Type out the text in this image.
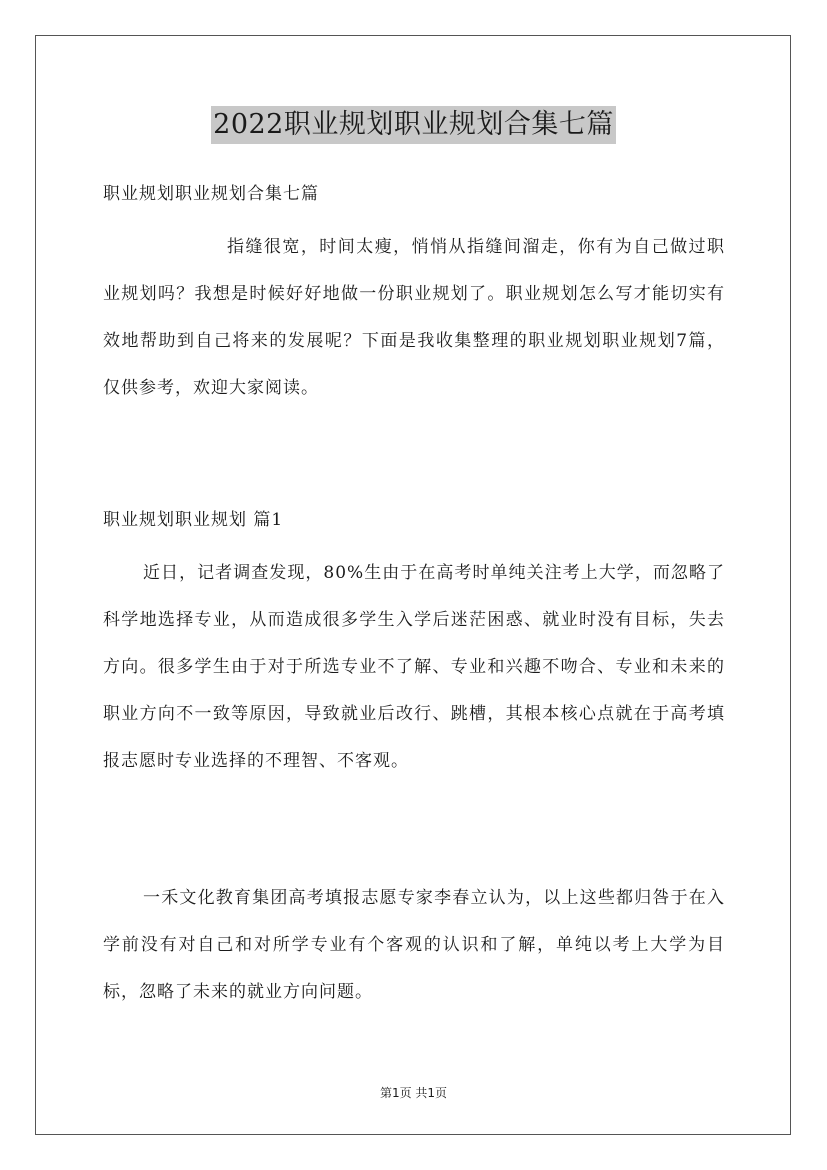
2022职业规划职业规划合集七篇

职业规划职业规划合集七篇

指缝很宽，时间太瘦，悄悄从指缝间溜走，你有为自己做过职业规划吗？我想是时候好好地做一份职业规划了。职业规划怎么写才能切实有效地帮助到自己将来的发展呢？下面是我收集整理的职业规划职业规划7篇，仅供参考，欢迎大家阅读。

职业规划职业规划 篇1

近日，记者调查发现，80%生由于在高考时单纯关注考上大学，而忽略了科学地选择专业，从而造成很多学生入学后迷茫困惑、就业时没有目标，失去方向。很多学生由于对于所选专业不了解、专业和兴趣不吻合、专业和未来的职业方向不一致等原因，导致就业后改行、跳槽，其根本核心点就在于高考填报志愿时专业选择的不理智、不客观。

一禾文化教育集团高考填报志愿专家李春立认为，以上这些都归咎于在入学前没有对自己和对所学专业有个客观的认识和了解，单纯以考上大学为目标，忽略了未来的就业方向问题。

第1页 共1页
